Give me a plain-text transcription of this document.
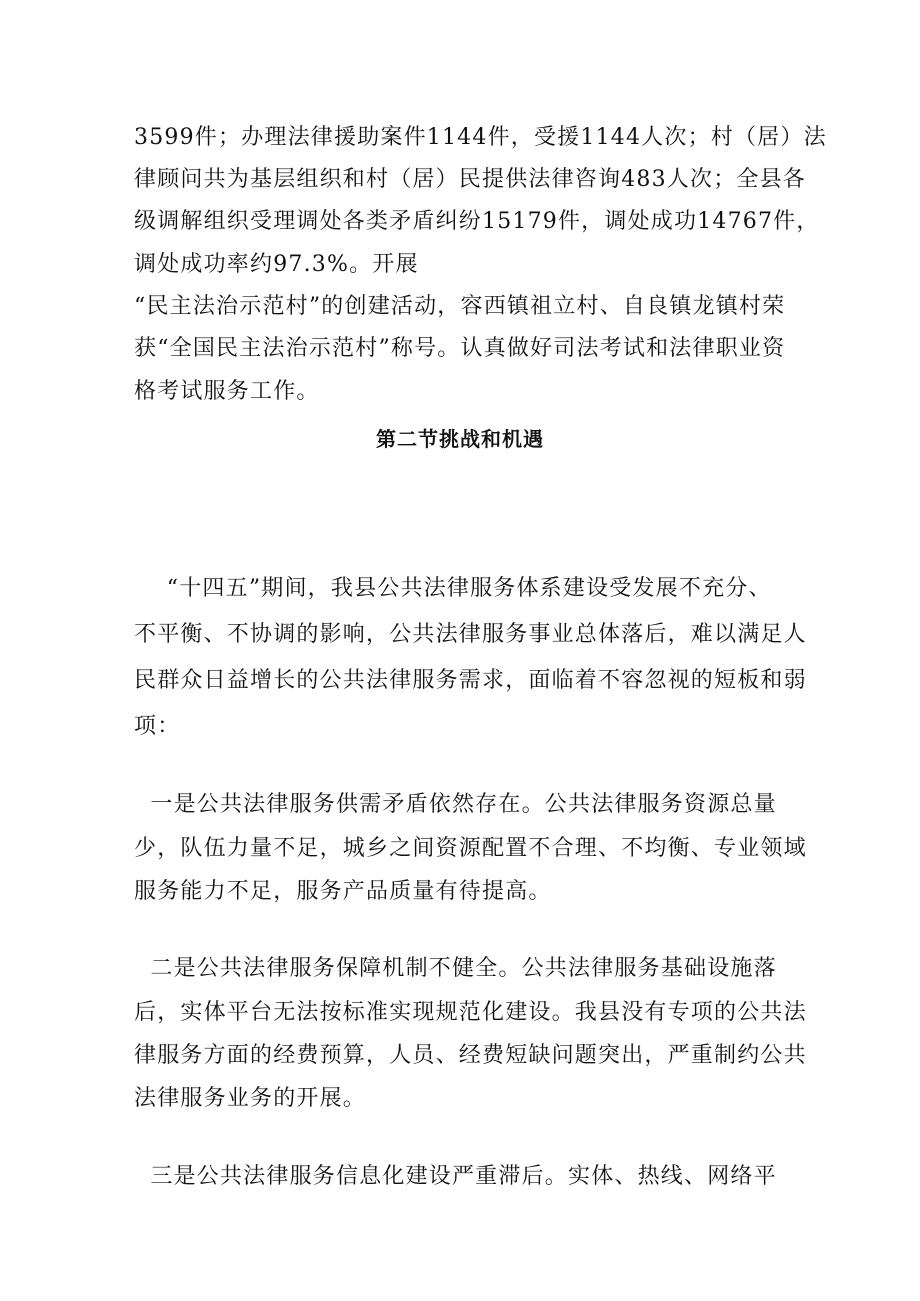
3599件；办理法律援助案件1144件，受援1144人次；村（居）法
律顾问共为基层组织和村（居）民提供法律咨询483人次；全县各
级调解组织受理调处各类矛盾纠纷15179件，调处成功14767件，
调处成功率约97.3%。开展
“民主法治示范村”的创建活动，容西镇祖立村、自良镇龙镇村荣
获“全国民主法治示范村”称号。认真做好司法考试和法律职业资
格考试服务工作。
第二节挑战和机遇
“十四五”期间，我县公共法律服务体系建设受发展不充分、
不平衡、不协调的影响，公共法律服务事业总体落后，难以满足人
民群众日益增长的公共法律服务需求，面临着不容忽视的短板和弱
项：
一是公共法律服务供需矛盾依然存在。公共法律服务资源总量
少，队伍力量不足，城乡之间资源配置不合理、不均衡、专业领域
服务能力不足，服务产品质量有待提高。
二是公共法律服务保障机制不健全。公共法律服务基础设施落
后，实体平台无法按标准实现规范化建设。我县没有专项的公共法
律服务方面的经费预算，人员、经费短缺问题突出，严重制约公共
法律服务业务的开展。
三是公共法律服务信息化建设严重滞后。实体、热线、网络平
